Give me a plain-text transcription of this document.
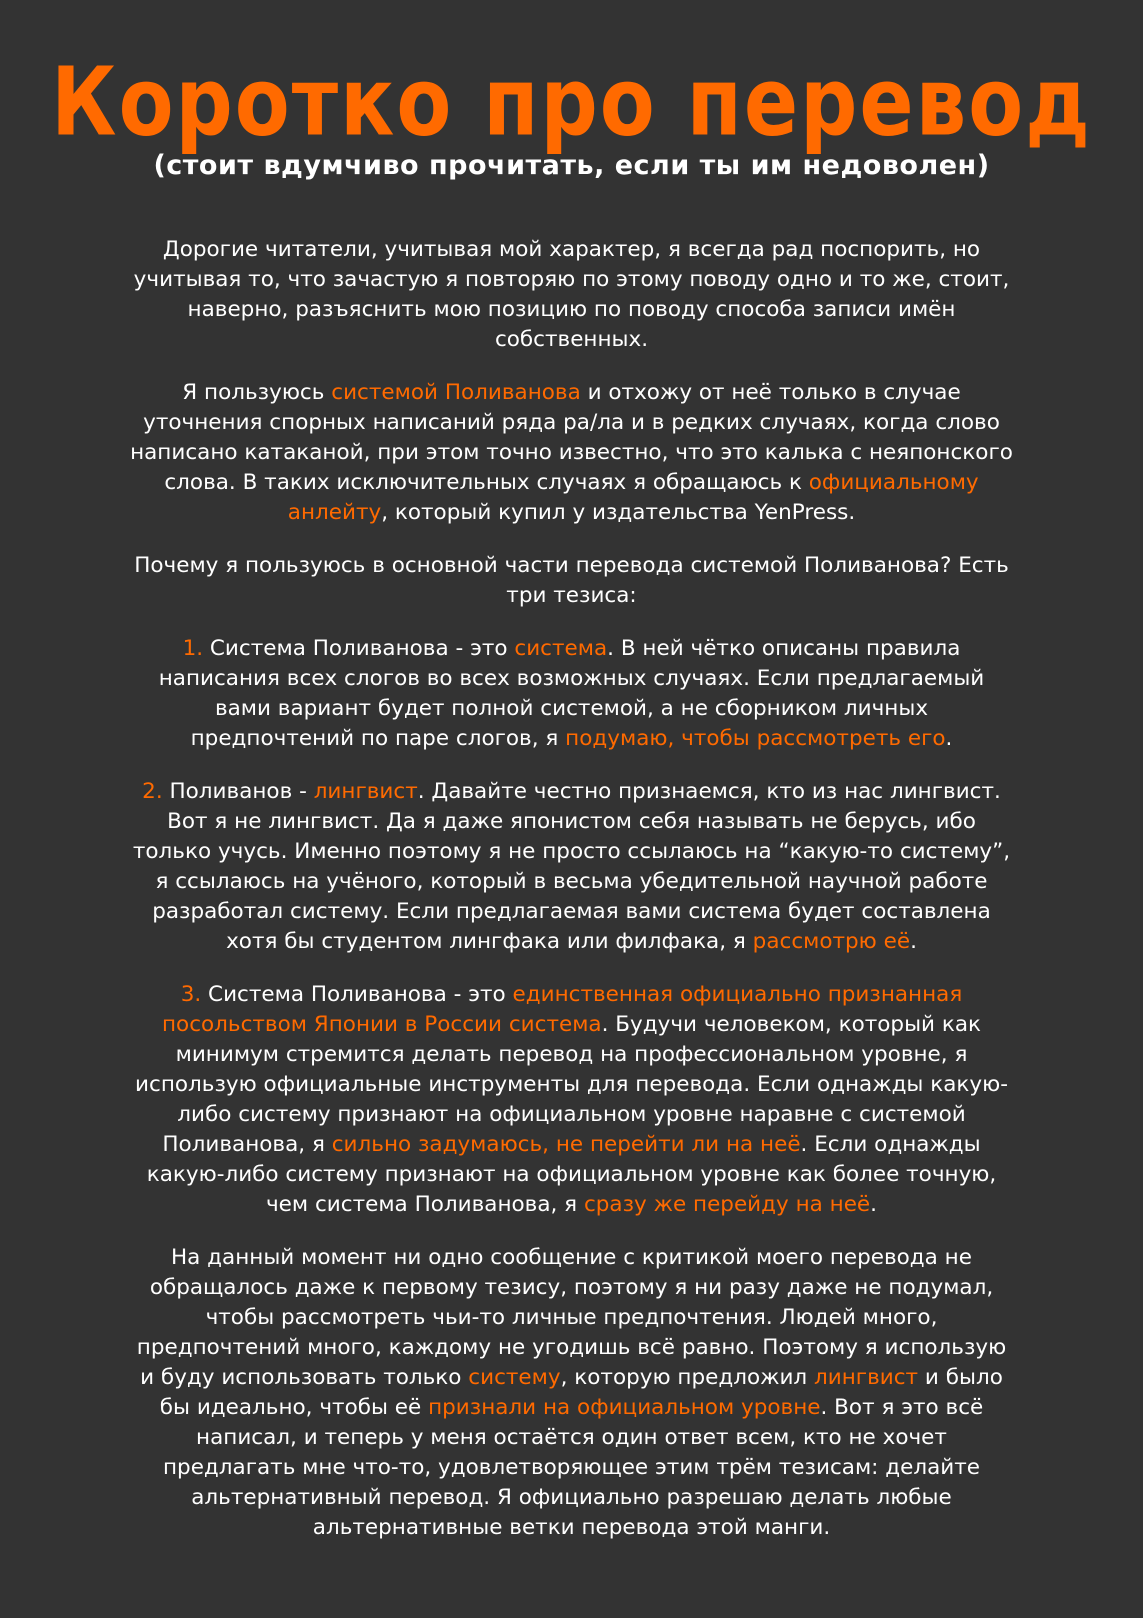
Коротко про перевод
(стоит вдумчиво прочитать, если ты им недоволен)

Дорогие читатели, учитывая мой характер, я всегда рад поспорить, но учитывая то, что зачастую я повторяю по этому поводу одно и то же, стоит, наверно, разъяснить мою позицию по поводу способа записи имён собственных.

Я пользуюсь системой Поливанова и отхожу от неё только в случае уточнения спорных написаний ряда ра/ла и в редких случаях, когда слово написано катаканой, при этом точно известно, что это калька с неяпонского слова. В таких исключительных случаях я обращаюсь к официальному анлейту, который купил у издательства YenPress.

Почему я пользуюсь в основной части перевода системой Поливанова? Есть три тезиса:

1. Система Поливанова - это система. В ней чётко описаны правила написания всех слогов во всех возможных случаях. Если предлагаемый вами вариант будет полной системой, а не сборником личных предпочтений по паре слогов, я подумаю, чтобы рассмотреть его.

2. Поливанов - лингвист. Давайте честно признаемся, кто из нас лингвист. Вот я не лингвист. Да я даже японистом себя называть не берусь, ибо только учусь. Именно поэтому я не просто ссылаюсь на “какую-то систему”, я ссылаюсь на учёного, который в весьма убедительной научной работе разработал систему. Если предлагаемая вами система будет составлена хотя бы студентом лингфака или филфака, я рассмотрю её.

3. Система Поливанова - это единственная официально признанная посольством Японии в России система. Будучи человеком, который как минимум стремится делать перевод на профессиональном уровне, я использую официальные инструменты для перевода. Если однажды какую-либо систему признают на официальном уровне наравне с системой Поливанова, я сильно задумаюсь, не перейти ли на неё. Если однажды какую-либо систему признают на официальном уровне как более точную, чем система Поливанова, я сразу же перейду на неё.

На данный момент ни одно сообщение с критикой моего перевода не обращалось даже к первому тезису, поэтому я ни разу даже не подумал, чтобы рассмотреть чьи-то личные предпочтения. Людей много, предпочтений много, каждому не угодишь всё равно. Поэтому я использую и буду использовать только систему, которую предложил лингвист и было бы идеально, чтобы её признали на официальном уровне. Вот я это всё написал, и теперь у меня остаётся один ответ всем, кто не хочет предлагать мне что-то, удовлетворяющее этим трём тезисам: делайте альтернативный перевод. Я официально разрешаю делать любые альтернативные ветки перевода этой манги.
